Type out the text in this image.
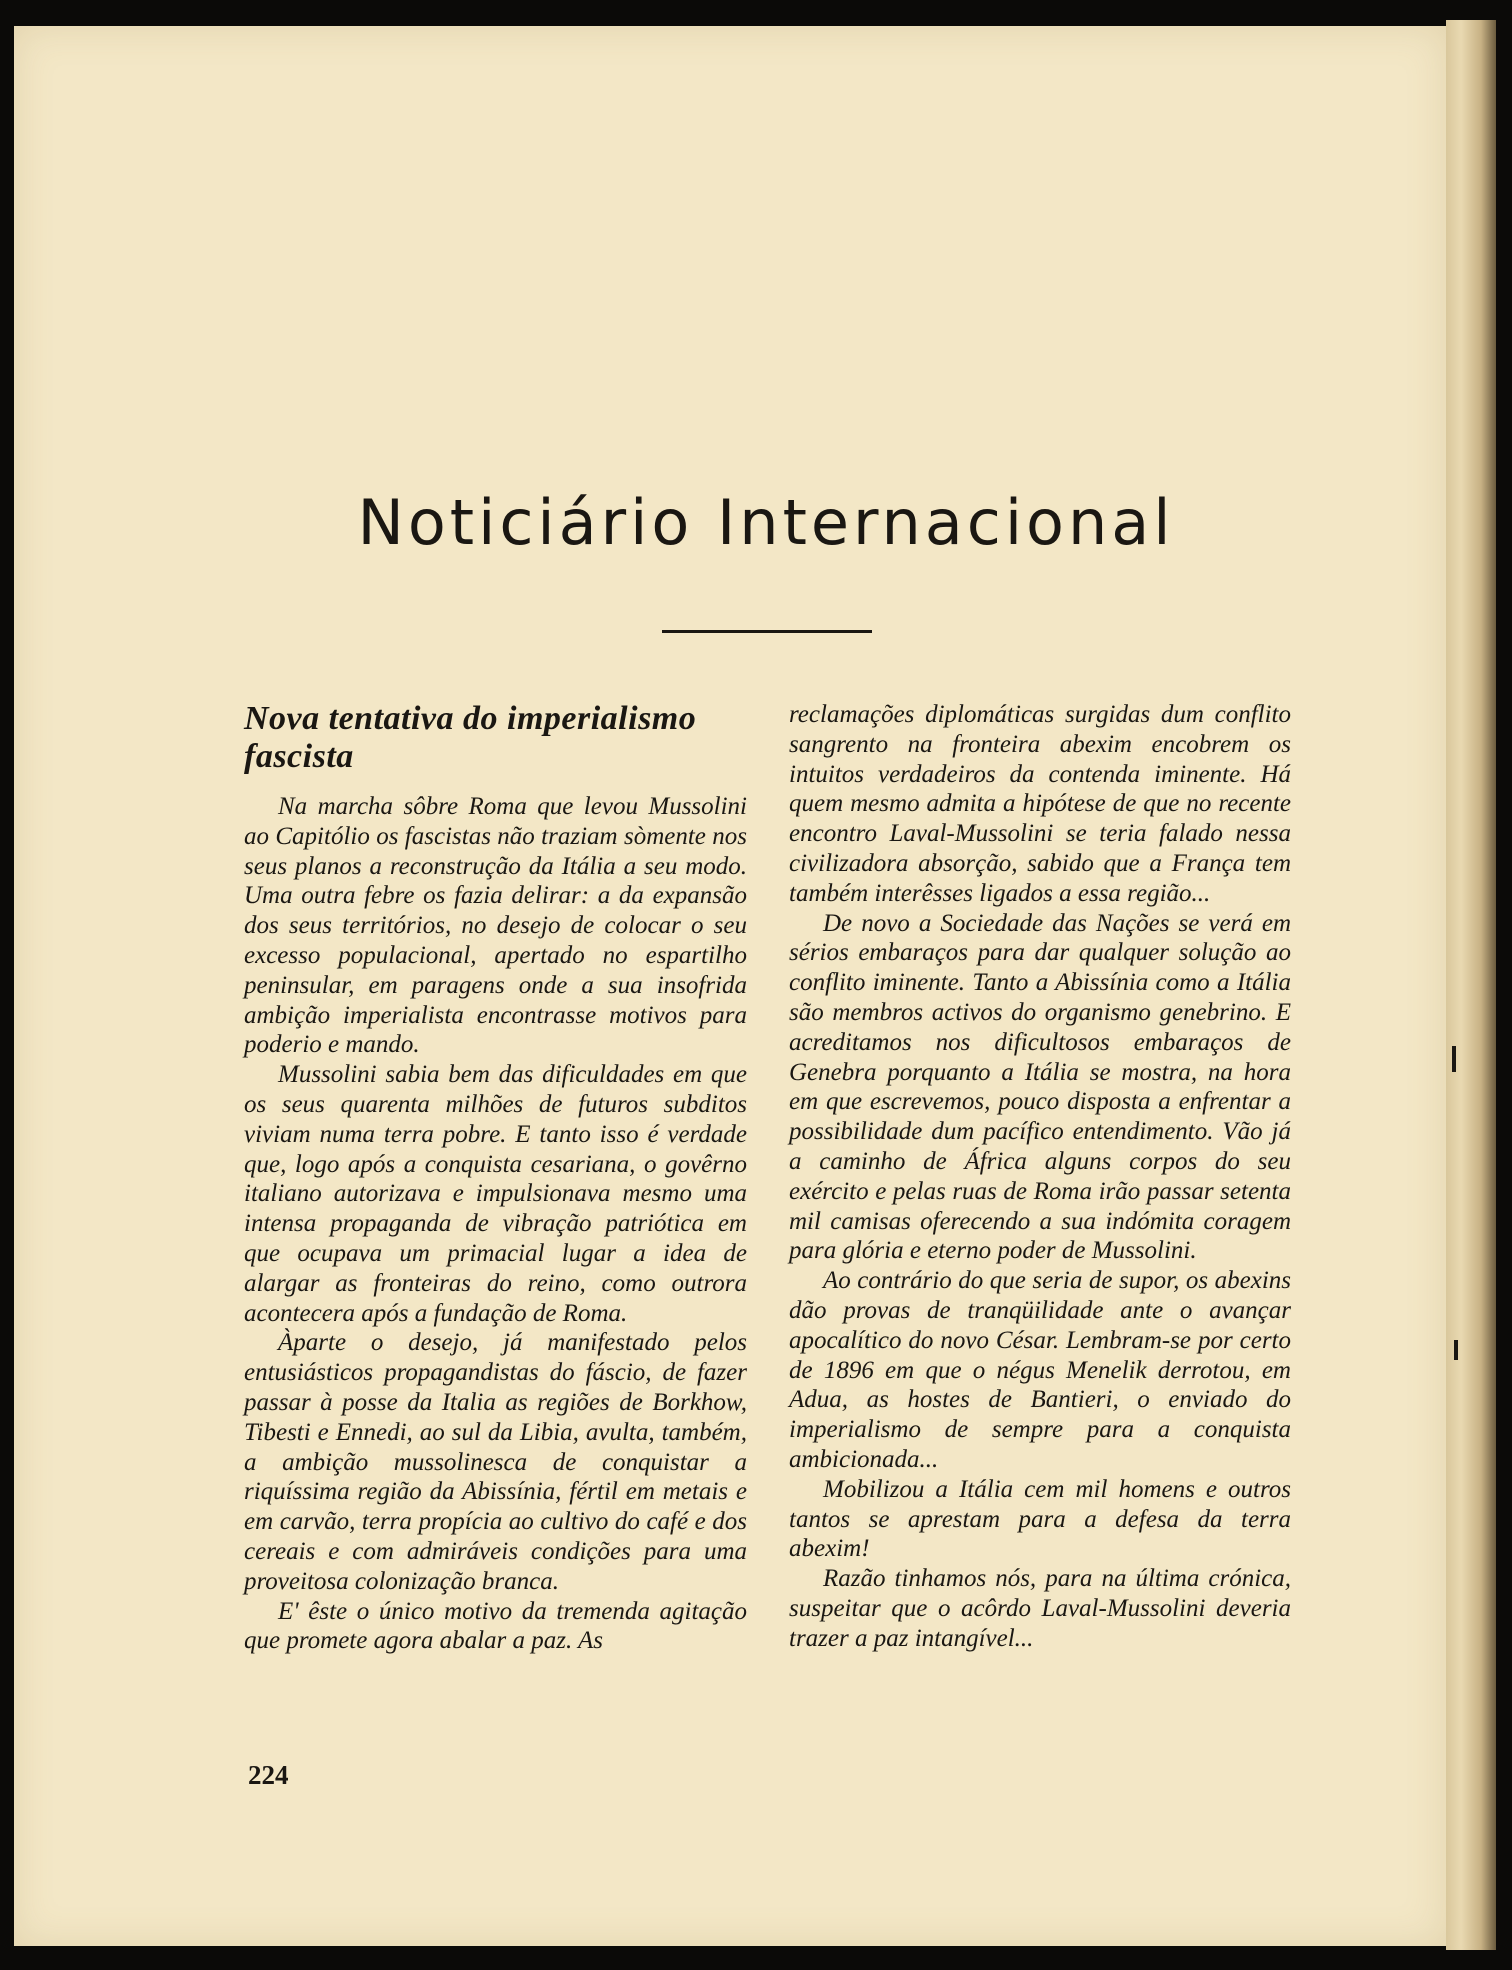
Noticiário Internacional
Nova tentativa do imperialismo fascista

Na marcha sôbre Roma que levou Mussolini ao Capitólio os fascistas não traziam sòmente nos seus planos a reconstrução da Itália a seu modo. Uma outra febre os fazia delirar: a da expansão dos seus territórios, no desejo de colocar o seu excesso populacional, apertado no espartilho peninsular, em paragens onde a sua insofrida ambição imperialista encontrasse motivos para poderio e mando.

Mussolini sabia bem das dificuldades em que os seus quarenta milhões de futuros subditos viviam numa terra pobre. E tanto isso é verdade que, logo após a conquista cesariana, o govêrno italiano autorizava e impulsionava mesmo uma intensa propaganda de vibração patriótica em que ocupava um primacial lugar a idea de alargar as fronteiras do reino, como outrora acontecera após a fundação de Roma.

Àparte o desejo, já manifestado pelos entusiásticos propagandistas do fáscio, de fazer passar à posse da Italia as regiões de Borkhow, Tibesti e Ennedi, ao sul da Libia, avulta, também, a ambição mussolinesca de conquistar a riquíssima região da Abissínia, fértil em metais e em carvão, terra propícia ao cultivo do café e dos cereais e com admiráveis condições para uma proveitosa colonização branca.

E' êste o único motivo da tremenda agitação que promete agora abalar a paz. As

reclamações diplomáticas surgidas dum conflito sangrento na fronteira abexim encobrem os intuitos verdadeiros da contenda iminente. Há quem mesmo admita a hipótese de que no recente encontro Laval-Mussolini se teria falado nessa civilizadora absorção, sabido que a França tem também interêsses ligados a essa região...

De novo a Sociedade das Nações se verá em sérios embaraços para dar qualquer solução ao conflito iminente. Tanto a Abissínia como a Itália são membros activos do organismo genebrino. E acreditamos nos dificultosos embaraços de Genebra porquanto a Itália se mostra, na hora em que escrevemos, pouco disposta a enfrentar a possibilidade dum pacífico entendimento. Vão já a caminho de África alguns corpos do seu exército e pelas ruas de Roma irão passar setenta mil camisas oferecendo a sua indómita coragem para glória e eterno poder de Mussolini.

Ao contrário do que seria de supor, os abexins dão provas de tranqüilidade ante o avançar apocalítico do novo César. Lembram-se por certo de 1896 em que o négus Menelik derrotou, em Adua, as hostes de Bantieri, o enviado do imperialismo de sempre para a conquista ambicionada...

Mobilizou a Itália cem mil homens e outros tantos se aprestam para a defesa da terra abexim!

Razão tinhamos nós, para na última crónica, suspeitar que o acôrdo Laval-Mussolini deveria trazer a paz intangível...

224
